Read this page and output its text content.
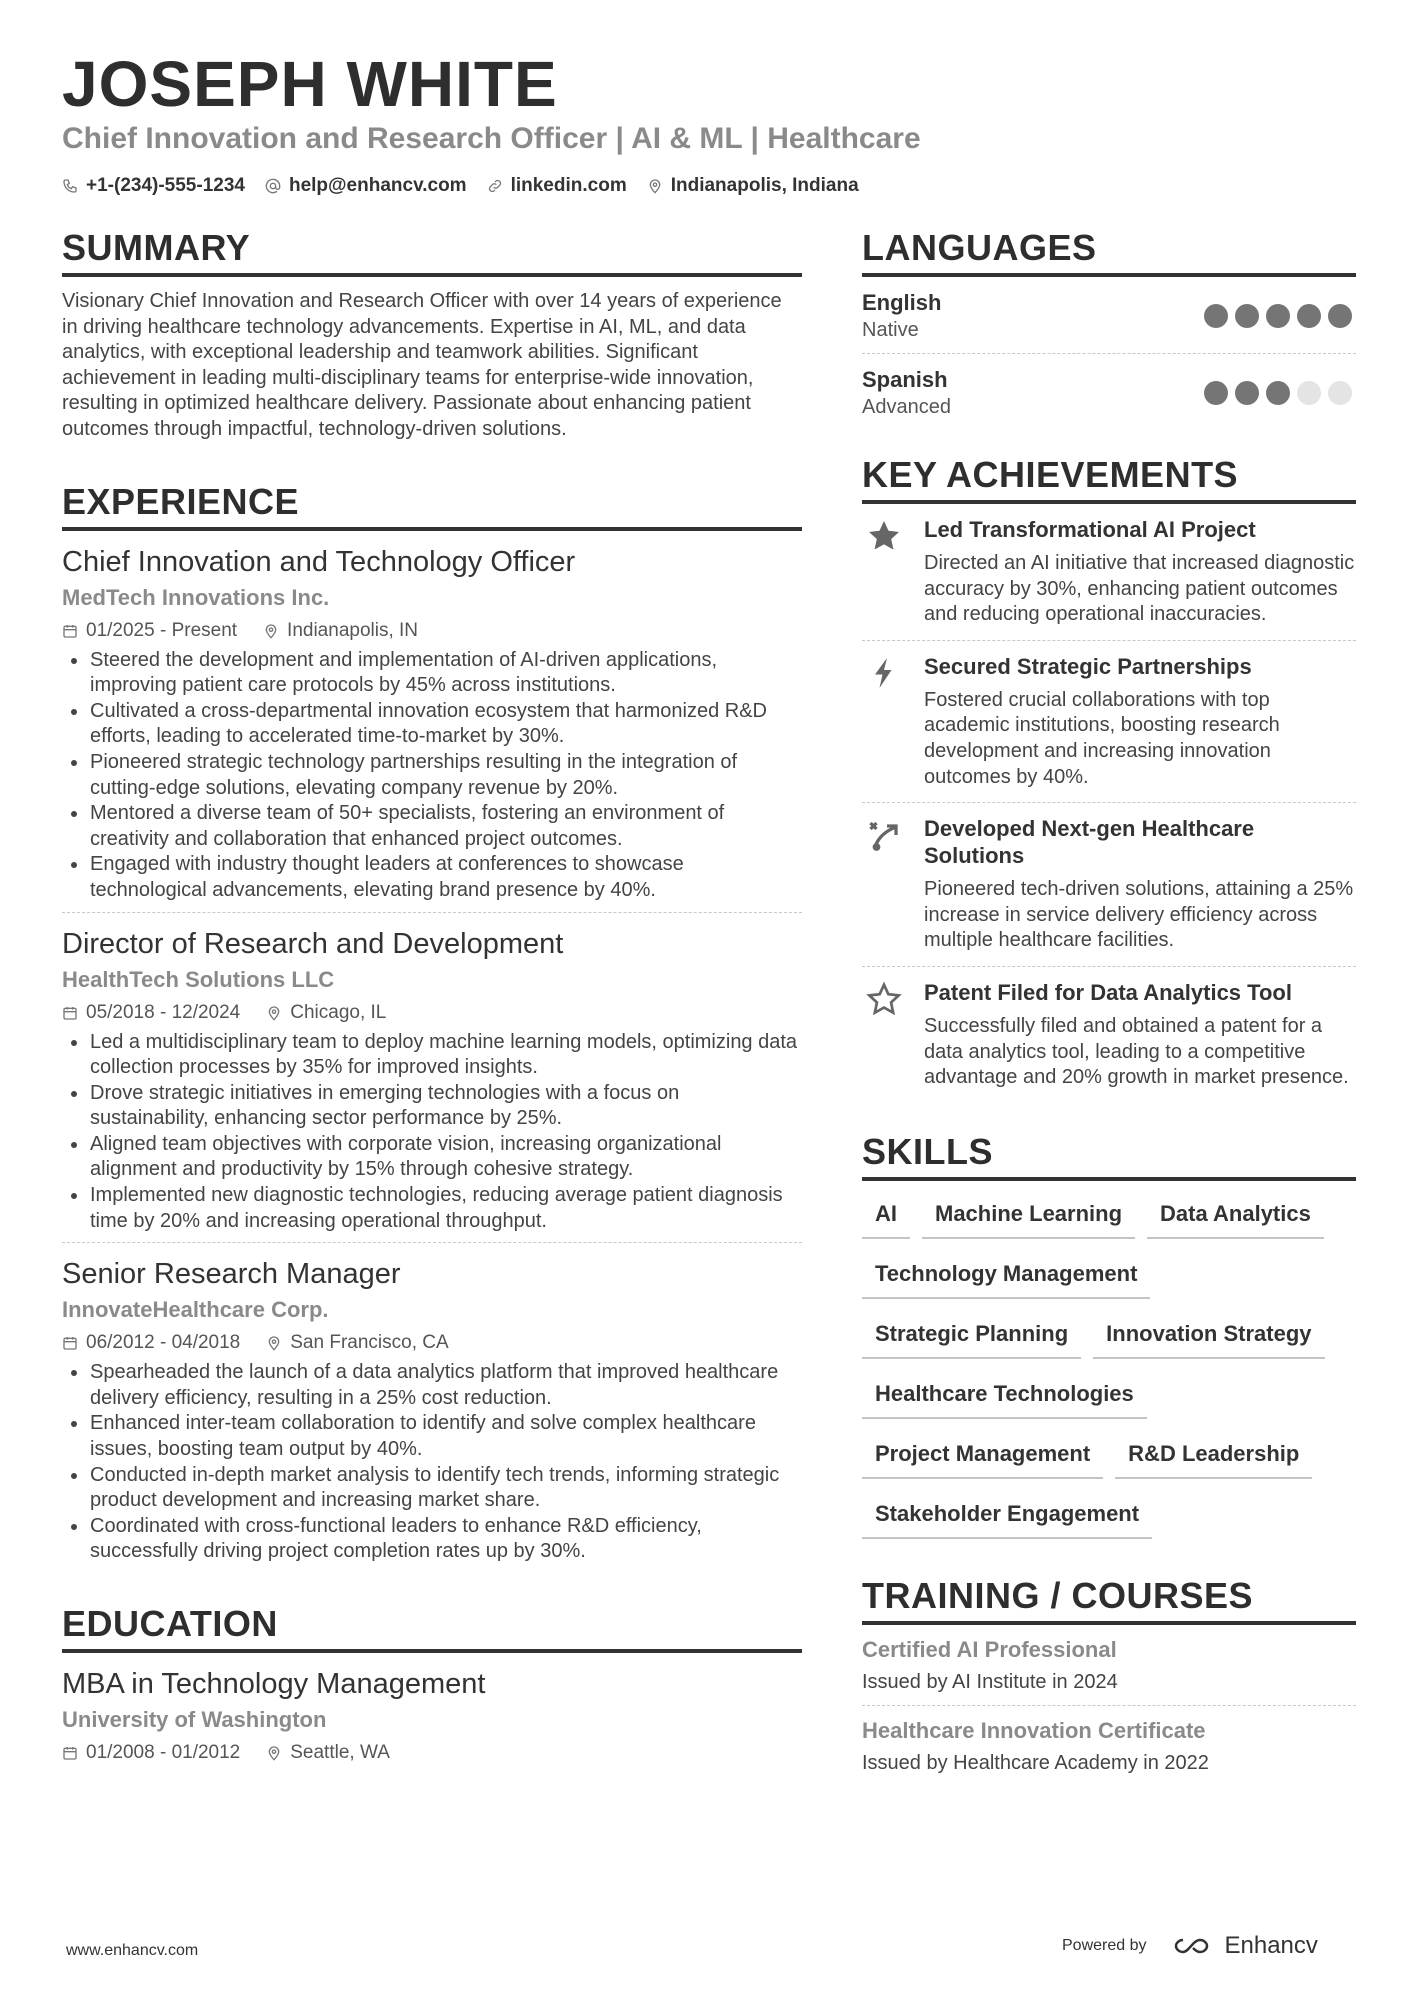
JOSEPH WHITE
Chief Innovation and Research Officer | AI & ML | Healthcare
+1-(234)-555-1234 help@enhancv.com linkedin.com Indianapolis, Indiana
SUMMARY
Visionary Chief Innovation and Research Officer with over 14 years of experience in driving healthcare technology advancements. Expertise in AI, ML, and data analytics, with exceptional leadership and teamwork abilities. Significant achievement in leading multi-disciplinary teams for enterprise-wide innovation, resulting in optimized healthcare delivery. Passionate about enhancing patient outcomes through impactful, technology-driven solutions.
EXPERIENCE
Chief Innovation and Technology Officer
MedTech Innovations Inc.
01/2025 - Present	Indianapolis, IN
Steered the development and implementation of AI-driven applications, improving patient care protocols by 45% across institutions.
Cultivated a cross-departmental innovation ecosystem that harmonized R&D efforts, leading to accelerated time-to-market by 30%.
Pioneered strategic technology partnerships resulting in the integration of cutting-edge solutions, elevating company revenue by 20%.
Mentored a diverse team of 50+ specialists, fostering an environment of creativity and collaboration that enhanced project outcomes.
Engaged with industry thought leaders at conferences to showcase technological advancements, elevating brand presence by 40%.
Director of Research and Development
HealthTech Solutions LLC
05/2018 - 12/2024	Chicago, IL
Led a multidisciplinary team to deploy machine learning models, optimizing data collection processes by 35% for improved insights.
Drove strategic initiatives in emerging technologies with a focus on sustainability, enhancing sector performance by 25%.
Aligned team objectives with corporate vision, increasing organizational alignment and productivity by 15% through cohesive strategy.
Implemented new diagnostic technologies, reducing average patient diagnosis time by 20% and increasing operational throughput.
Senior Research Manager
InnovateHealthcare Corp.
06/2012 - 04/2018	San Francisco, CA
Spearheaded the launch of a data analytics platform that improved healthcare delivery efficiency, resulting in a 25% cost reduction.
Enhanced inter-team collaboration to identify and solve complex healthcare issues, boosting team output by 40%.
Conducted in-depth market analysis to identify tech trends, informing strategic product development and increasing market share.
Coordinated with cross-functional leaders to enhance R&D efficiency, successfully driving project completion rates up by 30%.
EDUCATION
MBA in Technology Management
University of Washington
01/2008 - 01/2012	Seattle, WA
LANGUAGES
English
Native
Spanish
Advanced
KEY ACHIEVEMENTS
Led Transformational AI Project
Directed an AI initiative that increased diagnostic accuracy by 30%, enhancing patient outcomes and reducing operational inaccuracies.
Secured Strategic Partnerships
Fostered crucial collaborations with top academic institutions, boosting research development and increasing innovation outcomes by 40%.
Developed Next-gen Healthcare Solutions
Pioneered tech-driven solutions, attaining a 25% increase in service delivery efficiency across multiple healthcare facilities.
Patent Filed for Data Analytics Tool
Successfully filed and obtained a patent for a data analytics tool, leading to a competitive advantage and 20% growth in market presence.
SKILLS
AI	Machine Learning	Data Analytics
Technology Management
Strategic Planning	Innovation Strategy
Healthcare Technologies
Project Management	R&D Leadership
Stakeholder Engagement
TRAINING / COURSES
Certified AI Professional
Issued by AI Institute in 2024
Healthcare Innovation Certificate
Issued by Healthcare Academy in 2022
www.enhancv.com	Powered by	Enhancv
